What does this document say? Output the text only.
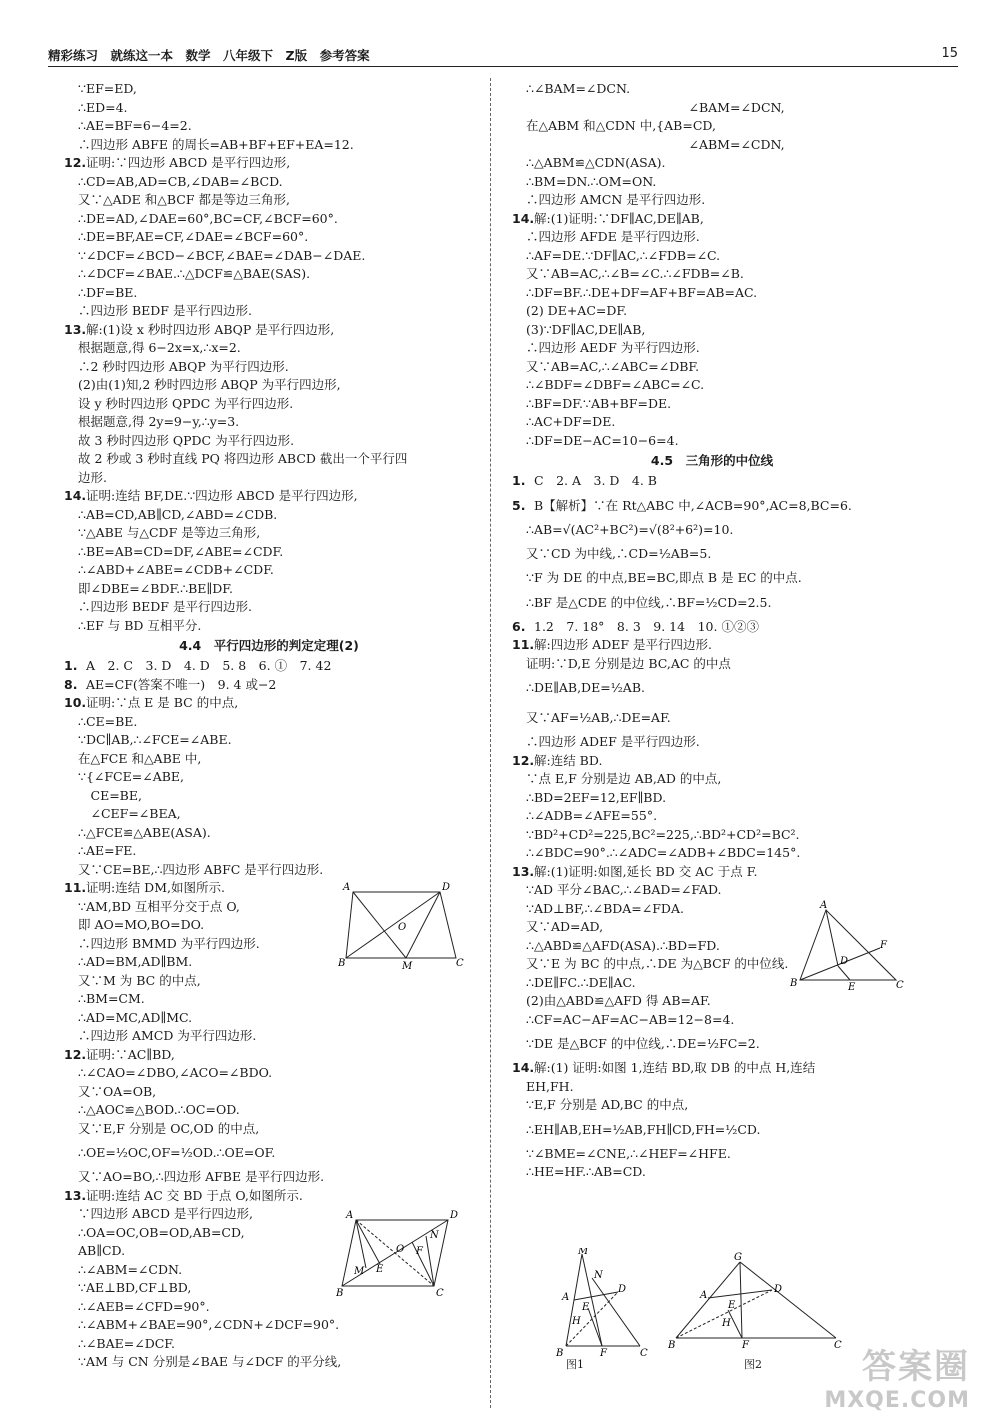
精彩练习　就练这一本　数学　八年级下　Z版　参考答案	15
∵EF=ED,
∴ED=4.
∴AE=BF=6−4=2.
∴四边形 ABFE 的周长=AB+BF+EF+EA=12.
12.证明:∵四边形 ABCD 是平行四边形,
∴CD=AB,AD=CB,∠DAB=∠BCD.
又∵△ADE 和△BCF 都是等边三角形,
∴DE=AD,∠DAE=60°,BC=CF,∠BCF=60°.
∴DE=BF,AE=CF,∠DAE=∠BCF=60°.
∵∠DCF=∠BCD−∠BCF,∠BAE=∠DAB−∠DAE.
∴∠DCF=∠BAE.∴△DCF≌△BAE(SAS).
∴DF=BE.
∴四边形 BEDF 是平行四边形.
13.解:(1)设 x 秒时四边形 ABQP 是平行四边形,
根据题意,得 6−2x=x,∴x=2.
∴2 秒时四边形 ABQP 为平行四边形.
(2)由(1)知,2 秒时四边形 ABQP 为平行四边形,
设 y 秒时四边形 QPDC 为平行四边形.
根据题意,得 2y=9−y,∴y=3.
故 3 秒时四边形 QPDC 为平行四边形.
故 2 秒或 3 秒时直线 PQ 将四边形 ABCD 截出一个平行四
边形.
14.证明:连结 BF,DE.∵四边形 ABCD 是平行四边形,
∴AB=CD,AB∥CD,∠ABD=∠CDB.
∵△ABE 与△CDF 是等边三角形,
∴BE=AB=CD=DF,∠ABE=∠CDF.
∴∠ABD+∠ABE=∠CDB+∠CDF.
即∠DBE=∠BDF.∴BE∥DF.
∴四边形 BEDF 是平行四边形.
∴EF 与 BD 互相平分.
4.4　平行四边形的判定定理(2)
1. A　2. C　3. D　4. D　5. 8　6. ①　7. 42
8. AE=CF(答案不唯一)　9. 4 或−2
10.证明:∵点 E 是 BC 的中点,
∴CE=BE.
∵DC∥AB,∴∠FCE=∠ABE.
在△FCE 和△ABE 中,
∵{∠FCE=∠ABE,
　CE=BE,
　∠CEF=∠BEA,
∴△FCE≌△ABE(ASA).
∴AE=FE.
又∵CE=BE,∴四边形 ABFC 是平行四边形.
11.证明:连结 DM,如图所示.
∵AM,BD 互相平分交于点 O,
即 AO=MO,BO=DO.
∴四边形 BMMD 为平行四边形.
∴AD=BM,AD∥BM.
又∵M 为 BC 的中点,
∴BM=CM.
∴AD=MC,AD∥MC.
∴四边形 AMCD 为平行四边形.
12.证明:∵AC∥BD,
∴∠CAO=∠DBO,∠ACO=∠BDO.
又∵OA=OB,
∴△AOC≌△BOD.∴OC=OD.
又∵E,F 分别是 OC,OD 的中点,
∴OE=½OC,OF=½OD.∴OE=OF.
又∵AO=BO,∴四边形 AFBE 是平行四边形.
13.证明:连结 AC 交 BD 于点 O,如图所示.
∵四边形 ABCD 是平行四边形,
∴OA=OC,OB=OD,AB=CD,
AB∥CD.
∴∠ABM=∠CDN.
∵AE⊥BD,CF⊥BD,
∴∠AEB=∠CFD=90°.
∴∠ABM+∠BAE=90°,∠CDN+∠DCF=90°.
∴∠BAE=∠DCF.
∵AM 与 CN 分别是∠BAE 与∠DCF 的平分线,
∴∠BAM=∠DCN.
　　　　　　　　　　　　　∠BAM=∠DCN,
在△ABM 和△CDN 中,{AB=CD,
　　　　　　　　　　　　　∠ABM=∠CDN,
∴△ABM≌△CDN(ASA).
∴BM=DN.∴OM=ON.
∴四边形 AMCN 是平行四边形.
14.解:(1)证明:∵DF∥AC,DE∥AB,
∴四边形 AFDE 是平行四边形.
∴AF=DE.∵DF∥AC,∴∠FDB=∠C.
又∵AB=AC,∴∠B=∠C.∴∠FDB=∠B.
∴DF=BF.∴DE+DF=AF+BF=AB=AC.
(2) DE+AC=DF.
(3)∵DF∥AC,DE∥AB,
∴四边形 AEDF 为平行四边形.
又∵AB=AC,∴∠ABC=∠DBF.
∴∠BDF=∠DBF=∠ABC=∠C.
∴BF=DF.∵AB+BF=DE.
∴AC+DF=DE.
∴DF=DE−AC=10−6=4.
4.5　三角形的中位线
1. C　2. A　3. D　4. B
5. B【解析】∵在 Rt△ABC 中,∠ACB=90°,AC=8,BC=6.
∴AB=√(AC²+BC²)=√(8²+6²)=10.
又∵CD 为中线,∴CD=½AB=5.
∵F 为 DE 的中点,BE=BC,即点 B 是 EC 的中点.
∴BF 是△CDE 的中位线,∴BF=½CD=2.5.
6. 1.2　7. 18°　8. 3　9. 14　10. ①②③
11.解:四边形 ADEF 是平行四边形.
证明:∵D,E 分别是边 BC,AC 的中点
∴DE∥AB,DE=½AB.
又∵AF=½AB,∴DE=AF.
∴四边形 ADEF 是平行四边形.
12.解:连结 BD.
∵点 E,F 分别是边 AB,AD 的中点,
∴BD=2EF=12,EF∥BD.
∴∠ADB=∠AFE=55°.
∵BD²+CD²=225,BC²=225,∴BD²+CD²=BC².
∴∠BDC=90°.∴∠ADC=∠ADB+∠BDC=145°.
13.解:(1)证明:如图,延长 BD 交 AC 于点 F.
∵AD 平分∠BAC,∴∠BAD=∠FAD.
∵AD⊥BF,∴∠BDA=∠FDA.
又∵AD=AD,
∴△ABD≌△AFD(ASA).∴BD=FD.
又∵E 为 BC 的中点,∴DE 为△BCF 的中位线.
∴DE∥FC.∴DE∥AC.
(2)由△ABD≌△AFD 得 AB=AF.
∴CF=AC−AF=AC−AB=12−8=4.
∵DE 是△BCF 的中位线,∴DE=½FC=2.
14.解:(1) 证明:如图 1,连结 BD,取 DB 的中点 H,连结
EH,FH.
∵E,F 分别是 AD,BC 的中点,
∴EH∥AB,EH=½AB,FH∥CD,FH=½CD.
∵∠BME=∠CNE,∴∠HEF=∠HFE.
∴HE=HF.∴AB=CD.
A	D
O
B	M	C
A	D
N
O F
E
M
B	C
A
F
D
B	E	C
M
N
D
A
E
H
B	F	C
图1
G
D
A
E
H
B	F	C
图2	答案圈
MXQE.COM
